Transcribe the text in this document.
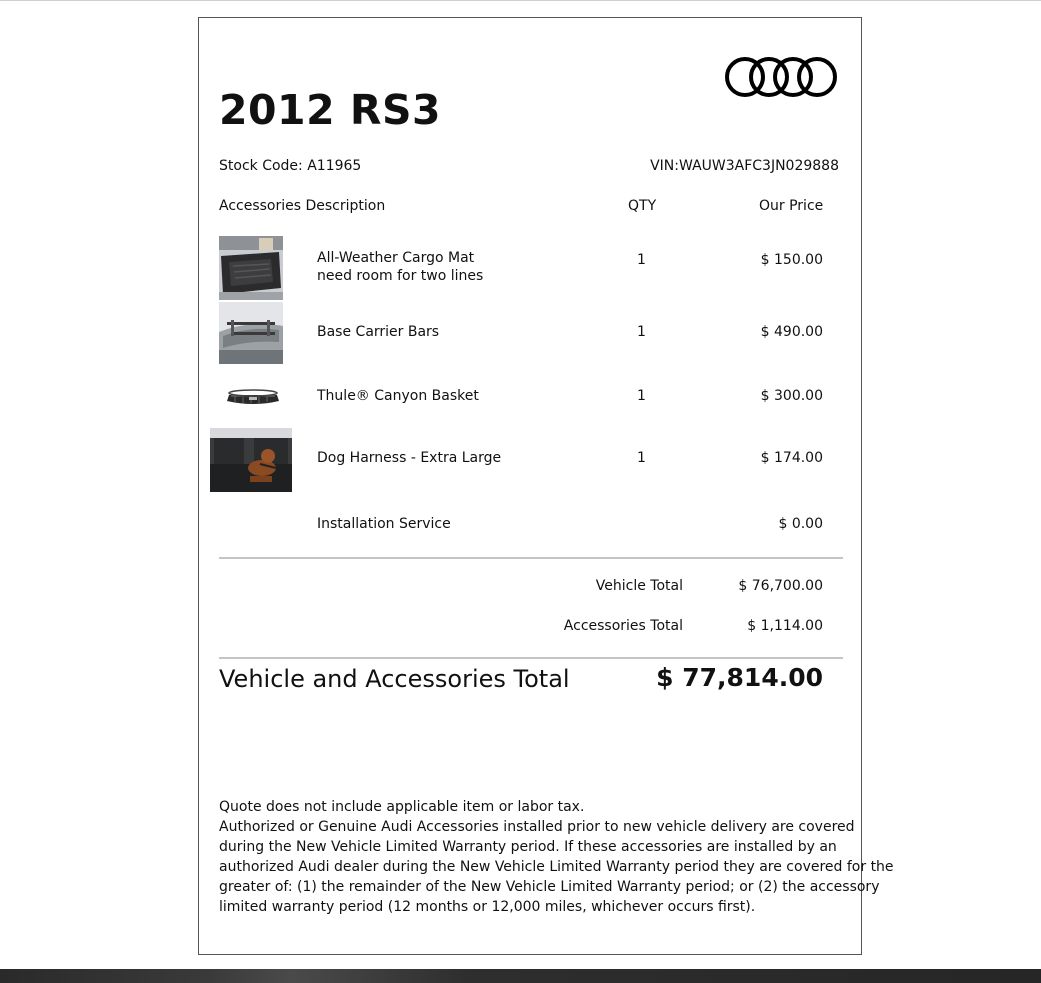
2012 RS3
Stock Code: A11965	VIN:WAUW3AFC3JN029888
Accessories Description	QTY	Our Price
All-Weather Cargo Mat
need room for two lines
1	$ 150.00
Base Carrier Bars	1	$ 490.00
Thule® Canyon Basket	1	$ 300.00
Dog Harness - Extra Large	1	$ 174.00
Installation Service	$ 0.00
Vehicle Total	$ 76,700.00
Accessories Total	$ 1,114.00
Vehicle and Accessories Total	$ 77,814.00
Quote does not include applicable item or labor tax.
Authorized or Genuine Audi Accessories installed prior to new vehicle delivery are covered
during the New Vehicle Limited Warranty period. If these accessories are installed by an
authorized Audi dealer during the New Vehicle Limited Warranty period they are covered for the
greater of: (1) the remainder of the New Vehicle Limited Warranty period; or (2) the accessory
limited warranty period (12 months or 12,000 miles, whichever occurs first).
